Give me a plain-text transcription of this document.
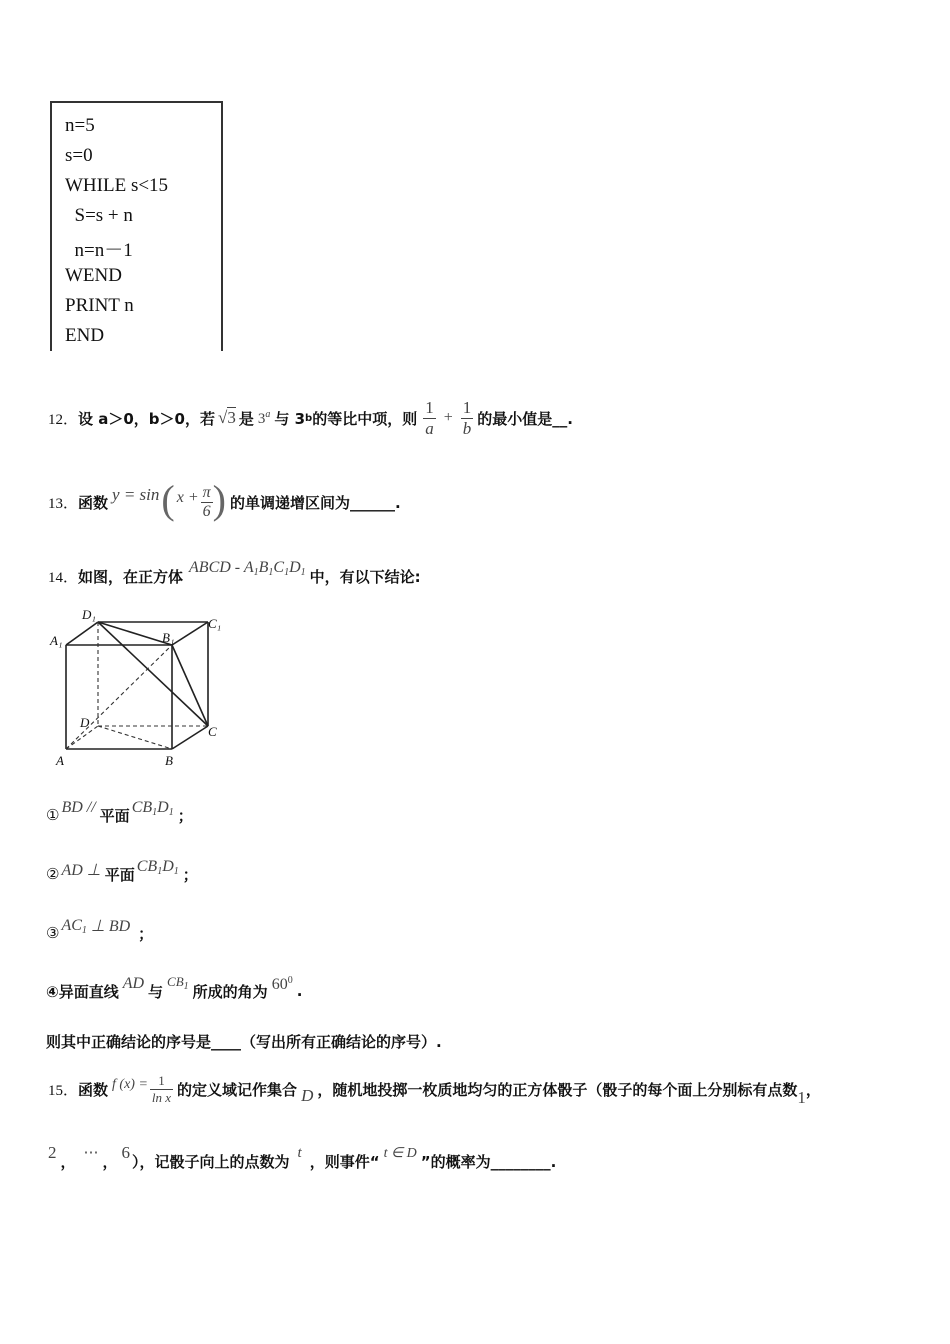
n=5
s=0
WHILE s<15
S=s + n
n=n－1
WEND
PRINT n
END
12． 设 a＞0，b＞0，若 √3 是 3$^a$ 与 3 b 的等比中项，则 $\frac{1}{a} + \frac{1}{b}$ 的最小值是__.
13． 函数 y = sin ( $x + \frac{\pi}{6}$ ) 的单调递增区间为______.
14． 如图，在正方体
ABCD - $A_1B_1C_1D_1$ 中，有以下结论:
D₁
C₁
A₁	B₁
D
C
A	B
① BD // 平面 $CB_1D_1$ ；
② AD ⊥ 平面 $CB_1D_1$ ；
③ $AC_1$ ⊥ BD ；
④异面直线 AD 与
$CB_1$ 所成的角为 $60^0$
.
则其中正确结论的序号是____（写出所有正确结论的序号）.
15． 函数 f $(x) = \frac{1}{\text{ln x}}$ 的定义域记作集合 D ，随机地投掷一枚质地均匀的正方体骰子（骰子的每个面上分别标有点数 1 ，
2 ， ⋯ ， 6 ），记骰子向上的点数为 t ，则事件“ t ∈ D ”的概率为________.
